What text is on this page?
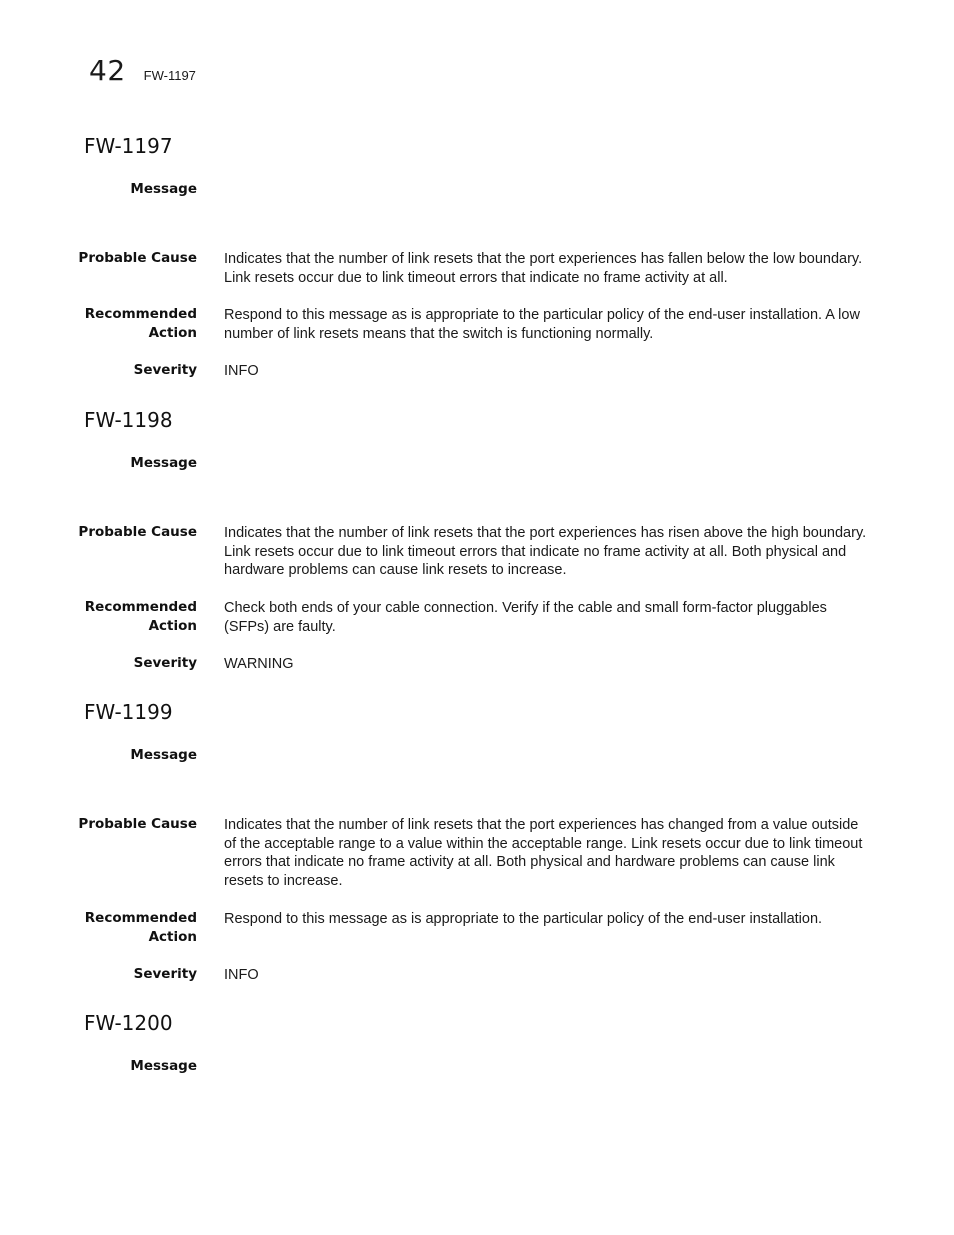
42 FW-1197
FW-1197
Message
Probable Cause Indicates that the number of link resets that the port experiences has fallen below the low boundary. Link resets occur due to link timeout errors that indicate no frame activity at all.
Recommended
Action
Respond to this message as is appropriate to the particular policy of the end-user installation. A low number of link resets means that the switch is functioning normally.
Severity INFO
FW-1198
Message
Probable Cause Indicates that the number of link resets that the port experiences has risen above the high boundary. Link resets occur due to link timeout errors that indicate no frame activity at all. Both physical and hardware problems can cause link resets to increase.
Recommended
Action
Check both ends of your cable connection. Verify if the cable and small form-factor pluggables (SFPs) are faulty.
Severity WARNING
FW-1199
Message
Probable Cause Indicates that the number of link resets that the port experiences has changed from a value outside of the acceptable range to a value within the acceptable range. Link resets occur due to link timeout errors that indicate no frame activity at all. Both physical and hardware problems can cause link resets to increase.
Recommended
Action
Respond to this message as is appropriate to the particular policy of the end-user installation.
Severity INFO
FW-1200
Message
